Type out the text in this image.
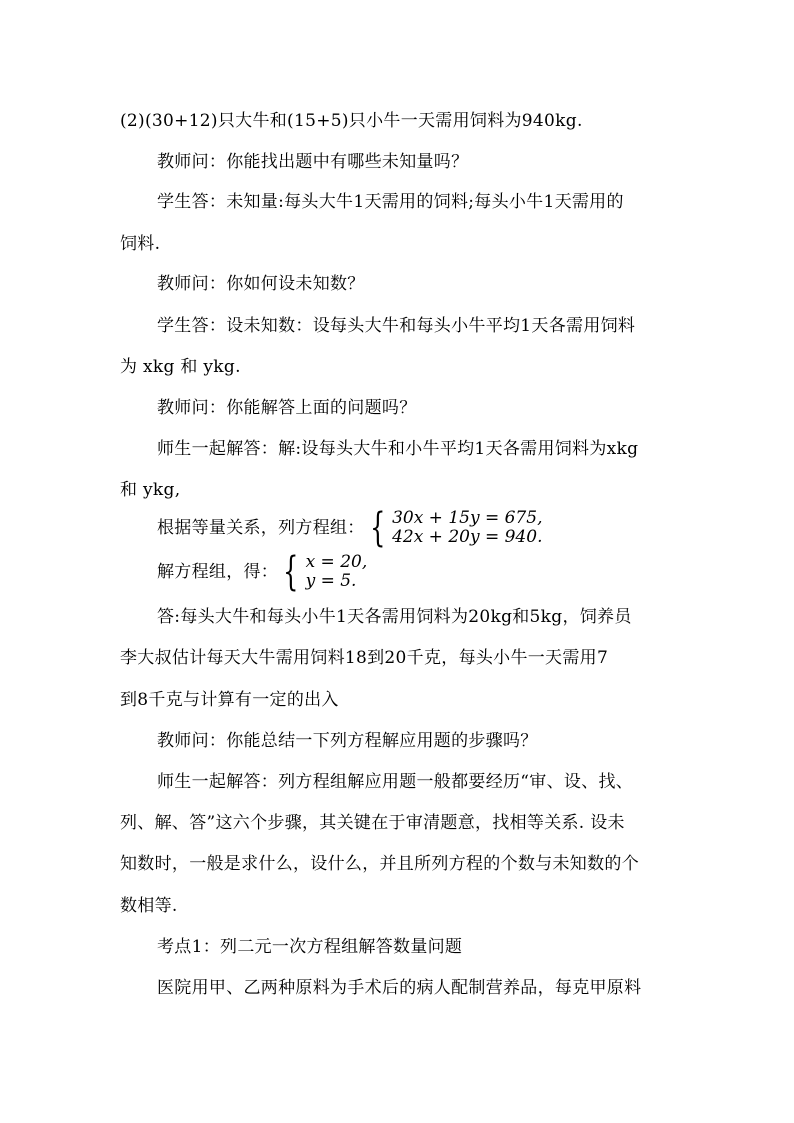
(2)(30+12)只大牛和(15+5)只小牛一天需用饲料为940kg.
教师问：你能找出题中有哪些未知量吗？
学生答：未知量:每头大牛1天需用的饲料;每头小牛1天需用的
饲料.
教师问：你如何设未知数？
学生答：设未知数：设每头大牛和每头小牛平均1天各需用饲料
为 xkg 和 ykg.
教师问：你能解答上面的问题吗？
师生一起解答：解:设每头大牛和小牛平均1天各需用饲料为xkg
和 ykg,
根据等量关系，列方程组： { 30x + 15y = 675,
42x + 20y = 940.
解方程组，得： { x = 20,
y = 5.
答:每头大牛和每头小牛1天各需用饲料为20kg和5kg，饲养员
李大叔估计每天大牛需用饲料18到20千克，每头小牛一天需用7
到8千克与计算有一定的出入
教师问：你能总结一下列方程解应用题的步骤吗？
师生一起解答：列方程组解应用题一般都要经历“审、设、找、
列、解、答”这六个步骤，其关键在于审清题意，找相等关系. 设未
知数时，一般是求什么，设什么，并且所列方程的个数与未知数的个
数相等.
考点1：列二元一次方程组解答数量问题
医院用甲、乙两种原料为手术后的病人配制营养品，每克甲原料
